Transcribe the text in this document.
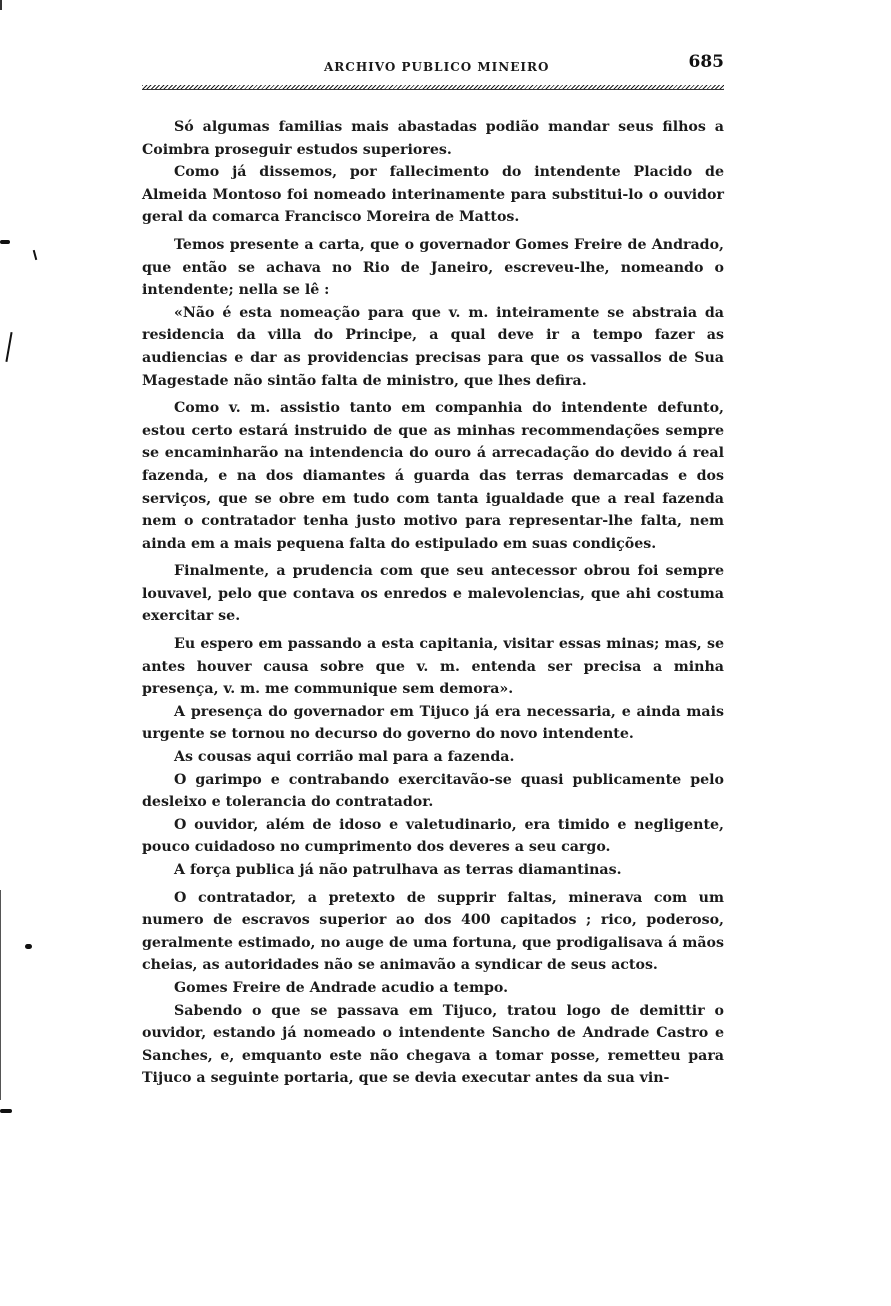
ARCHIVO PUBLICO MINEIRO	685

Só algumas familias mais abastadas podião mandar seus filhos a Coimbra proseguir estudos superiores.

Como já dissemos, por fallecimento do intendente Placido de Almeida Montoso foi nomeado interinamente para substitui-lo o ouvidor geral da comarca Francisco Moreira de Mattos.

Temos presente a carta, que o governador Gomes Freire de Andrado, que então se achava no Rio de Janeiro, escreveu-lhe, nomeando o intendente; nella se lê :

«Não é esta nomeação para que v. m. inteiramente se abstraia da residencia da villa do Principe, a qual deve ir a tempo fazer as audiencias e dar as providencias precisas para que os vassallos de Sua Magestade não sintão falta de ministro, que lhes defira.

Como v. m. assistio tanto em companhia do intendente defunto, estou certo estará instruido de que as minhas recommendações sempre se encaminharão na intendencia do ouro á arrecadação do devido á real fazenda, e na dos diamantes á guarda das terras demarcadas e dos serviços, que se obre em tudo com tanta igualdade que a real fazenda nem o contratador tenha justo motivo para representar-lhe falta, nem ainda em a mais pequena falta do estipulado em suas condições.

Finalmente, a prudencia com que seu antecessor obrou foi sempre louvavel, pelo que contava os enredos e malevolencias, que ahi costuma exercitar se.

Eu espero em passando a esta capitania, visitar essas minas; mas, se antes houver causa sobre que v. m. entenda ser precisa a minha presença, v. m. me communique sem demora».

A presença do governador em Tijuco já era necessaria, e ainda mais urgente se tornou no decurso do governo do novo intendente.

As cousas aqui corrião mal para a fazenda.

O garimpo e contrabando exercitavão-se quasi publicamente pelo desleixo e tolerancia do contratador.

O ouvidor, além de idoso e valetudinario, era timido e negligente, pouco cuidadoso no cumprimento dos deveres a seu cargo.

A força publica já não patrulhava as terras diamantinas.

O contratador, a pretexto de supprir faltas, minerava com um numero de escravos superior ao dos 400 capitados ; rico, poderoso, geralmente estimado, no auge de uma fortuna, que prodigalisava á mãos cheias, as autoridades não se animavão a syndicar de seus actos.

Gomes Freire de Andrade acudio a tempo.

Sabendo o que se passava em Tijuco, tratou logo de demittir o ouvidor, estando já nomeado o intendente Sancho de Andrade Castro e Sanches, e, emquanto este não chegava a tomar posse, remetteu para Tijuco a seguinte portaria, que se devia executar antes da sua vin-
